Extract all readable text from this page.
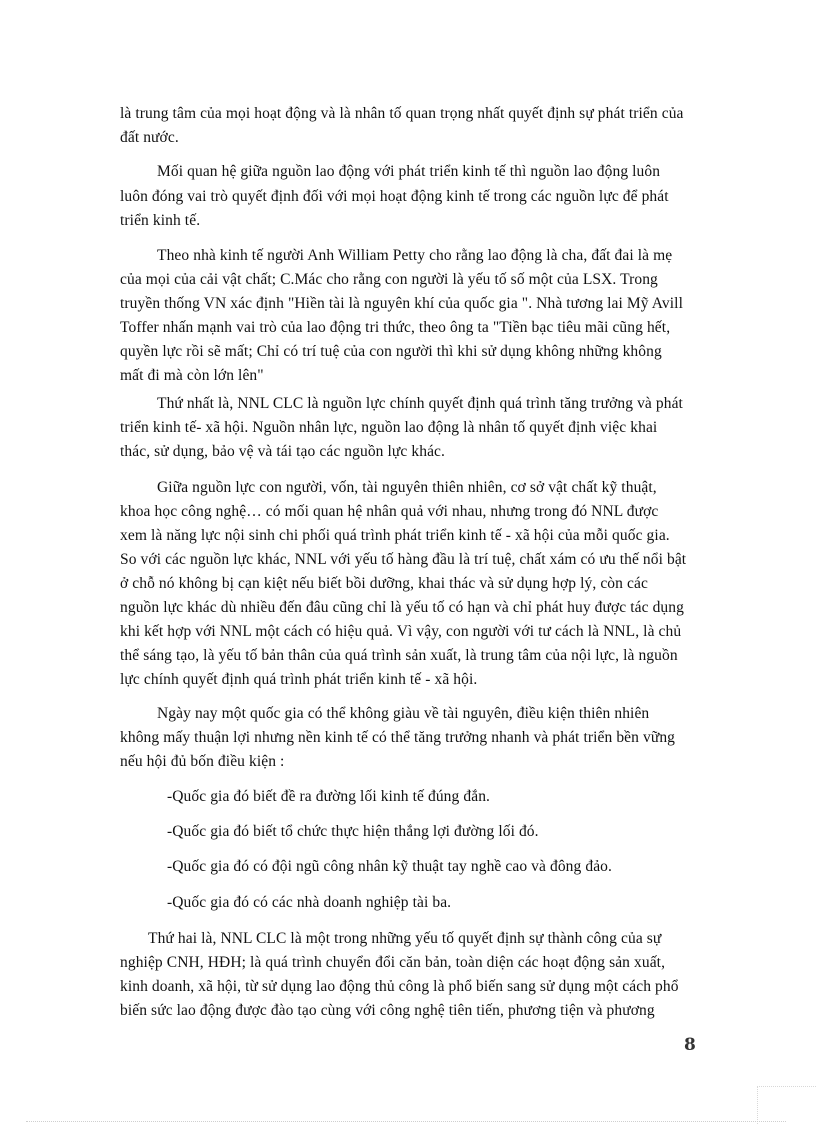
là trung tâm của mọi hoạt động và là nhân tố quan trọng nhất quyết định sự phát triển của
đất nước.
Mối quan hệ giữa nguồn lao động với phát triển kinh tế thì nguồn lao động luôn
luôn đóng vai trò quyết định đối với mọi hoạt động kinh tế trong các nguồn lực để phát
triển kinh tế.
Theo nhà kinh tế người Anh William Petty cho rằng lao động là cha, đất đai là mẹ
của mọi của cải vật chất; C.Mác cho rằng con người là yếu tố số một của LSX. Trong
truyền thống VN xác định "Hiền tài là nguyên khí của quốc gia ". Nhà tương lai Mỹ Avill
Toffer nhấn mạnh vai trò của lao động tri thức, theo ông ta "Tiền bạc tiêu mãi cũng hết,
quyền lực rồi sẽ mất; Chỉ có trí tuệ của con người thì khi sử dụng không những không
mất đi mà còn lớn lên"
Thứ nhất là, NNL CLC là nguồn lực chính quyết định quá trình tăng trưởng và phát
triển kinh tế- xã hội. Nguồn nhân lực, nguồn lao động là nhân tố quyết định việc khai
thác, sử dụng, bảo vệ và tái tạo các nguồn lực khác.
Giữa nguồn lực con người, vốn, tài nguyên thiên nhiên, cơ sở vật chất kỹ thuật,
khoa học công nghệ… có mối quan hệ nhân quả với nhau, nhưng trong đó NNL được
xem là năng lực nội sinh chi phối quá trình phát triển kinh tế - xã hội của mỗi quốc gia.
So với các nguồn lực khác, NNL với yếu tố hàng đầu là trí tuệ, chất xám có ưu thế nổi bật
ở chỗ nó không bị cạn kiệt nếu biết bồi dưỡng, khai thác và sử dụng hợp lý, còn các
nguồn lực khác dù nhiều đến đâu cũng chỉ là yếu tố có hạn và chỉ phát huy được tác dụng
khi kết hợp với NNL một cách có hiệu quả. Vì vậy, con người với tư cách là NNL, là chủ
thể sáng tạo, là yếu tố bản thân của quá trình sản xuất, là trung tâm của nội lực, là nguồn
lực chính quyết định quá trình phát triển kinh tế - xã hội.
Ngày nay một quốc gia có thể không giàu về tài nguyên, điều kiện thiên nhiên
không mấy thuận lợi nhưng nền kinh tế có thể tăng trưởng nhanh và phát triển bền vững
nếu hội đủ bốn điều kiện :
-Quốc gia đó biết đề ra đường lối kinh tế đúng đắn.
-Quốc gia đó biết tổ chức thực hiện thắng lợi đường lối đó.
-Quốc gia đó có đội ngũ công nhân kỹ thuật tay nghề cao và đông đảo.
-Quốc gia đó có các nhà doanh nghiệp tài ba.
Thứ hai là, NNL CLC là một trong những yếu tố quyết định sự thành công của sự
nghiệp CNH, HĐH; là quá trình chuyển đổi căn bản, toàn diện các hoạt động sản xuất,
kinh doanh, xã hội, từ sử dụng lao động thủ công là phổ biến sang sử dụng một cách phổ
biến sức lao động được đào tạo cùng với công nghệ tiên tiến, phương tiện và phương
8
